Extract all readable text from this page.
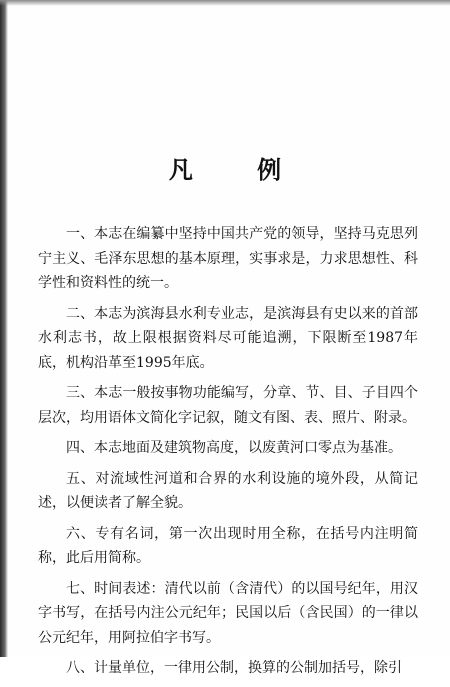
凡 例

一、本志在编纂中坚持中国共产党的领导，坚持马克思列宁主义、毛泽东思想的基本原理，实事求是，力求思想性、科学性和资料性的统一。

二、本志为滨海县水利专业志，是滨海县有史以来的首部水利志书，故上限根据资料尽可能追溯，下限断至1987年底，机构沿革至1995年底。

三、本志一般按事物功能编写，分章、节、目、子目四个层次，均用语体文简化字记叙，随文有图、表、照片、附录。

四、本志地面及建筑物高度，以废黄河口零点为基准。

五、对流域性河道和合界的水利设施的境外段，从简记述，以便读者了解全貌。

六、专有名词，第一次出现时用全称，在括号内注明简称，此后用简称。

七、时间表述：清代以前（含清代）的以国号纪年，用汉字书写，在括号内注公元纪年；民国以后（含民国）的一律以公元纪年，用阿拉伯字书写。

八、计量单位，一律用公制，换算的公制加括号，除引
